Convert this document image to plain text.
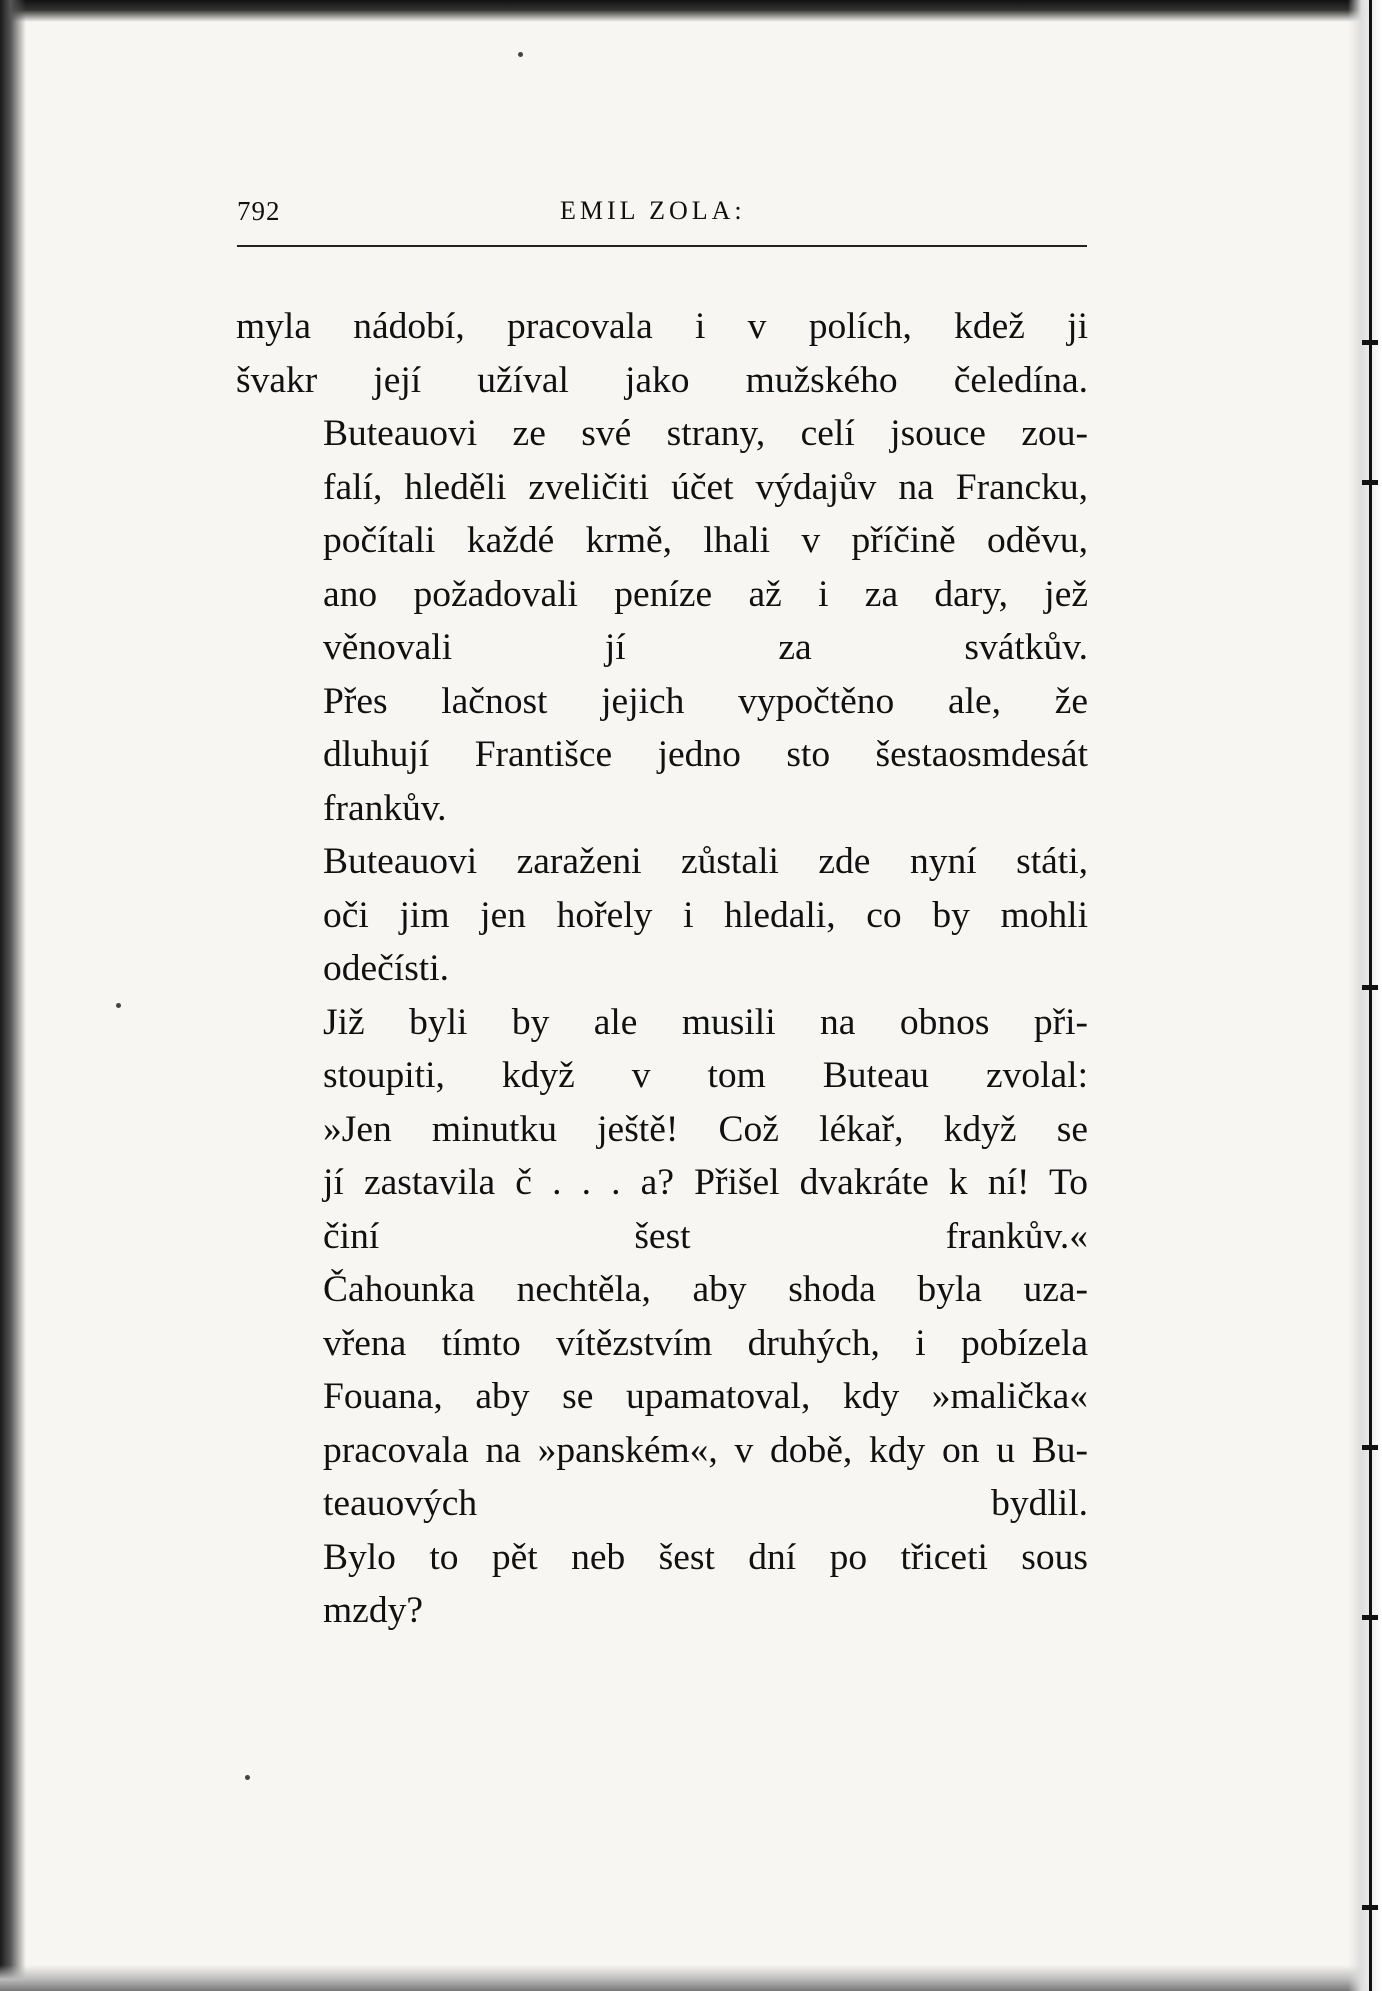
792	EMIL ZOLA:

myla nádobí, pracovala i v polích, kdež ji
švakr její užíval jako mužského čeledína.

Buteauovi ze své strany, celí jsouce zou-
falí, hleděli zveličiti účet výdajův na Francku,
počítali každé krmě, lhali v příčině oděvu,
ano požadovali peníze až i za dary, jež
věnovali jí za svátkův.

Přes lačnost jejich vypočtěno ale, že
dluhují Františce jedno sto šestaosmdesát
frankův.

Buteauovi zaraženi zůstali zde nyní státi,
oči jim jen hořely i hledali, co by mohli
odečísti.

Již byli by ale musili na obnos při-
stoupiti, když v tom Buteau zvolal:

»Jen minutku ještě! Což lékař, když se
jí zastavila č . . . a? Přišel dvakráte k ní! To
činí šest frankův.«

Čahounka nechtěla, aby shoda byla uza-
vřena tímto vítězstvím druhých, i pobízela
Fouana, aby se upamatoval, kdy »malička«
pracovala na »panském«, v době, kdy on u Bu-
teauových bydlil.

Bylo to pět neb šest dní po třiceti sous
mzdy?
